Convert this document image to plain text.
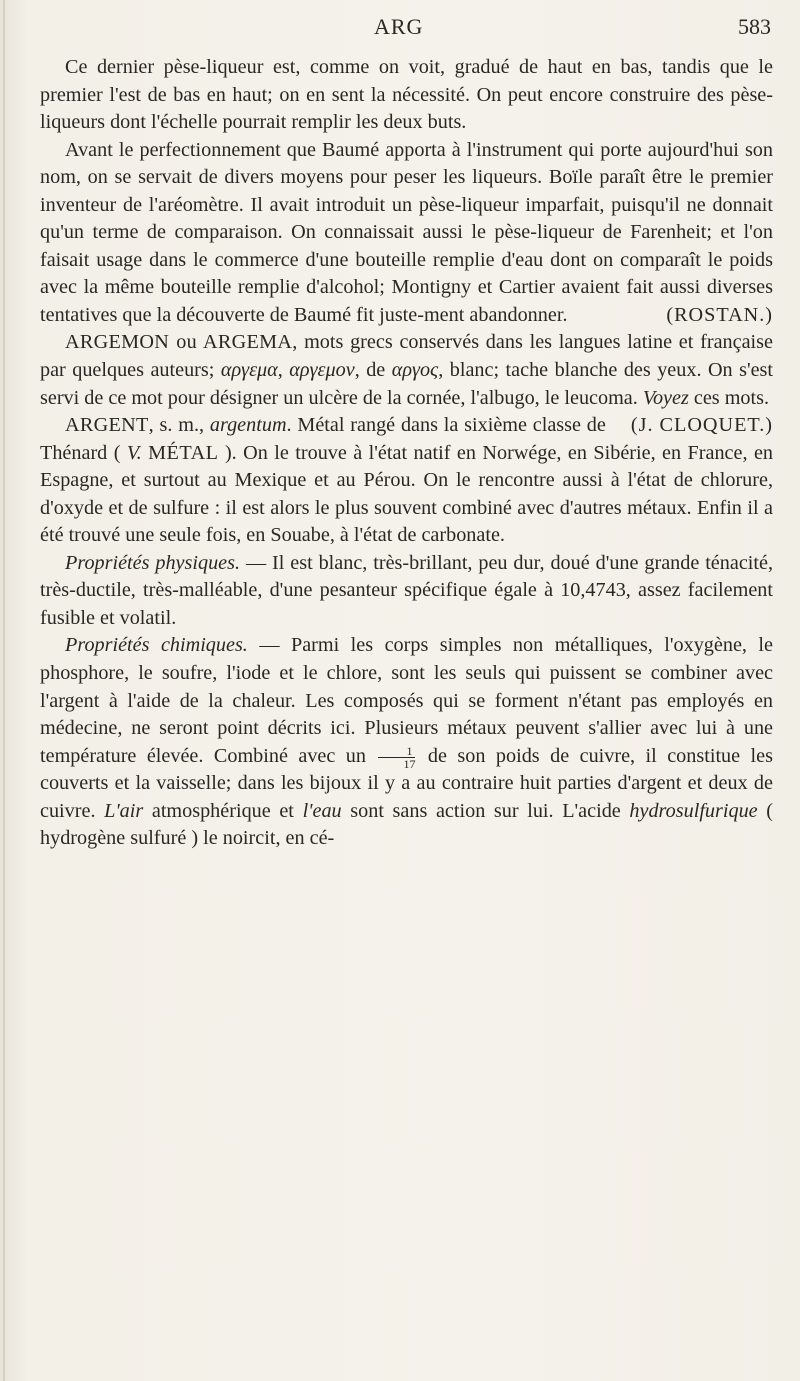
ARG	583

Ce dernier pèse-liqueur est, comme on voit, gradué de haut en bas, tandis que le premier l'est de bas en haut; on en sent la nécessité. On peut encore construire des pèse-liqueurs dont l'échelle pourrait remplir les deux buts.

Avant le perfectionnement que Baumé apporta à l'instrument qui porte aujourd'hui son nom, on se servait de divers moyens pour peser les liqueurs. Boïle paraît être le premier inventeur de l'aréomètre. Il avait introduit un pèse-liqueur imparfait, puisqu'il ne donnait qu'un terme de comparaison. On connaissait aussi le pèse-liqueur de Farenheit; et l'on faisait usage dans le commerce d'une bouteille remplie d'eau dont on comparaît le poids avec la même bouteille remplie d'alcohol; Montigny et Cartier avaient fait aussi diverses tentatives que la découverte de Baumé fit juste-ment abandonner.	(ROSTAN.)

ARGEMON ou ARGEMA, mots grecs conservés dans les langues latine et française par quelques auteurs; αργεμα, αργεμον, de αργος, blanc; tache blanche des yeux. On s'est servi de ce mot pour désigner un ulcère de la cornée, l'albugo, le leucoma. Voyez ces mots.
(J. CLOQUET.)

ARGENT, s. m., argentum. Métal rangé dans la sixième classe de Thénard ( V. MÉTAL ). On le trouve à l'état natif en Norwége, en Sibérie, en France, en Espagne, et surtout au Mexique et au Pérou. On le rencontre aussi à l'état de chlorure, d'oxyde et de sulfure : il est alors le plus souvent combiné avec d'autres métaux. Enfin il a été trouvé une seule fois, en Souabe, à l'état de carbonate.

Propriétés physiques. — Il est blanc, très-brillant, peu dur, doué d'une grande ténacité, très-ductile, très-malléable, d'une pesanteur spécifique égale à 10,4743, assez facilement fusible et volatil.

Propriétés chimiques. — Parmi les corps simples non métalliques, l'oxygène, le phosphore, le soufre, l'iode et le chlore, sont les seuls qui puissent se combiner avec l'argent à l'aide de la chaleur. Les composés qui se forment n'étant pas employés en médecine, ne seront point décrits ici. Plusieurs métaux peuvent s'allier avec lui à une température élevée. Combiné avec un $\frac{1}{17}$ de son poids de cuivre, il constitue les couverts et la vaisselle; dans les bijoux il y a au contraire huit parties d'argent et deux de cuivre. L'air atmosphérique et l'eau sont sans action sur lui. L'acide hydrosulfurique ( hydrogène sulfuré ) le noircit, en cé-
